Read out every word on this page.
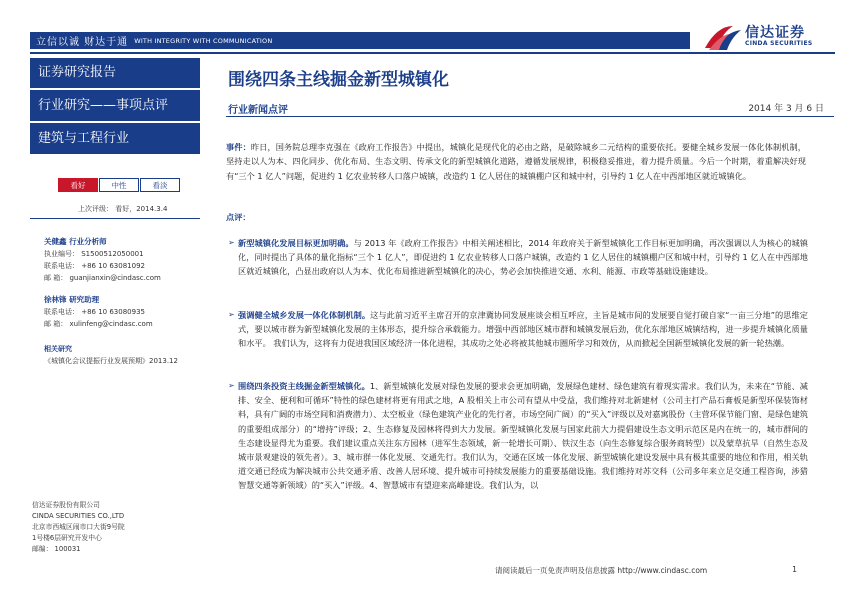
立信以诚 财达于通 WITH INTEGRITY WITH COMMUNICATION	信达证券
CINDA SECURITIES
证券研究报告
行业研究——事项点评
建筑与工程行业
看好	中性	看淡
上次评级： 看好，2014.3.4
关健鑫 行业分析师
执业编号： S1500512050001
联系电话： +86 10 63081092
邮 箱： guanjianxin@cindasc.com
徐林锋 研究助理
联系电话： +86 10 63080935
邮 箱： xulinfeng@cindasc.com
相关研究
《城镇化会议提振行业发展预期》2013.12
信达证券股份有限公司
CINDA SECURITIES CO.,LTD
北京市西城区闹市口大街9号院
1号楼6层研究开发中心
邮编： 100031
围绕四条主线掘金新型城镇化
行业新闻点评	2014 年 3 月 6 日
事件：昨日，国务院总理李克强在《政府工作报告》中提出，城镇化是现代化的必由之路，是破除城乡二元结构的重要依托。要健全城乡发展一体化体制机制，坚持走以人为本、四化同步、优化布局、生态文明、传承文化的新型城镇化道路，遵循发展规律，积极稳妥推进，着力提升质量。今后一个时期，着重解决好现有“三个 1 亿人”问题，促进约 1 亿农业转移人口落户城镇，改造约 1 亿人居住的城镇棚户区和城中村，引导约 1 亿人在中西部地区就近城镇化。
点评：
➢ 新型城镇化发展目标更加明确。与 2013 年《政府工作报告》中相关阐述相比，2014 年政府关于新型城镇化工作目标更加明确，再次强调以人为核心的城镇化，同时提出了具体的量化指标“三个 1 亿人”，即促进约 1 亿农业转移人口落户城镇，改造约 1 亿人居住的城镇棚户区和城中村，引导约 1 亿人在中西部地区就近城镇化，凸显出政府以人为本、优化布局推进新型城镇化的决心，势必会加快推进交通、水利、能源、市政等基础设施建设。
➢ 强调健全城乡发展一体化体制机制。这与此前习近平主席召开的京津冀协同发展座谈会相互呼应，主旨是城市间的发展要自觉打破自家“一亩三分地”的思维定式，要以城市群为新型城镇化发展的主体形态，提升综合承载能力。增强中西部地区城市群和城镇发展后劲，优化东部地区城镇结构，进一步提升城镇化质量和水平。 我们认为，这将有力促进我国区域经济一体化进程，其成功之处必将被其他城市圈所学习和效仿，从而掀起全国新型城镇化发展的新一轮热潮。
➢ 围绕四条投资主线掘金新型城镇化。1、新型城镇化发展对绿色发展的要求会更加明确，发展绿色建材、绿色建筑有着现实需求。我们认为，未来在“节能、减排、安全、便利和可循环”特性的绿色建材将更有用武之地，A 股相关上市公司有望从中受益，我们维持对北新建材（公司主打产品石膏板是新型环保装饰材料，具有广阔的市场空间和消费潜力）、太空板业（绿色建筑产业化的先行者，市场空间广阔）的“买入”评级以及对嘉寓股份（主营环保节能门窗、是绿色建筑的重要组成部分）的“增持”评级；2、生态修复及园林将得到大力发展。新型城镇化发展与国家此前大力提倡建设生态文明示范区是内在统一的，城市群间的生态建设显得尤为重要。我们建议重点关注东方园林（进军生态领域，新一轮增长可期）、铁汉生态（向生态修复综合服务商转型）以及蒙草抗旱（自然生态及城市景观建设的领先者）。3、城市群一体化发展、交通先行。我们认为，交通在区域一体化发展、新型城镇化建设发展中具有极其重要的地位和作用，相关轨道交通已经成为解决城市公共交通矛盾、改善人居环境、提升城市可持续发展能力的重要基础设施。我们维持对苏交科（公司多年来立足交通工程咨询，涉猎智慧交通等新领域）的“买入”评级。4、智慧城市有望迎来高峰建设。我们认为，以
请阅读最后一页免责声明及信息披露 http://www.cindasc.com	1
